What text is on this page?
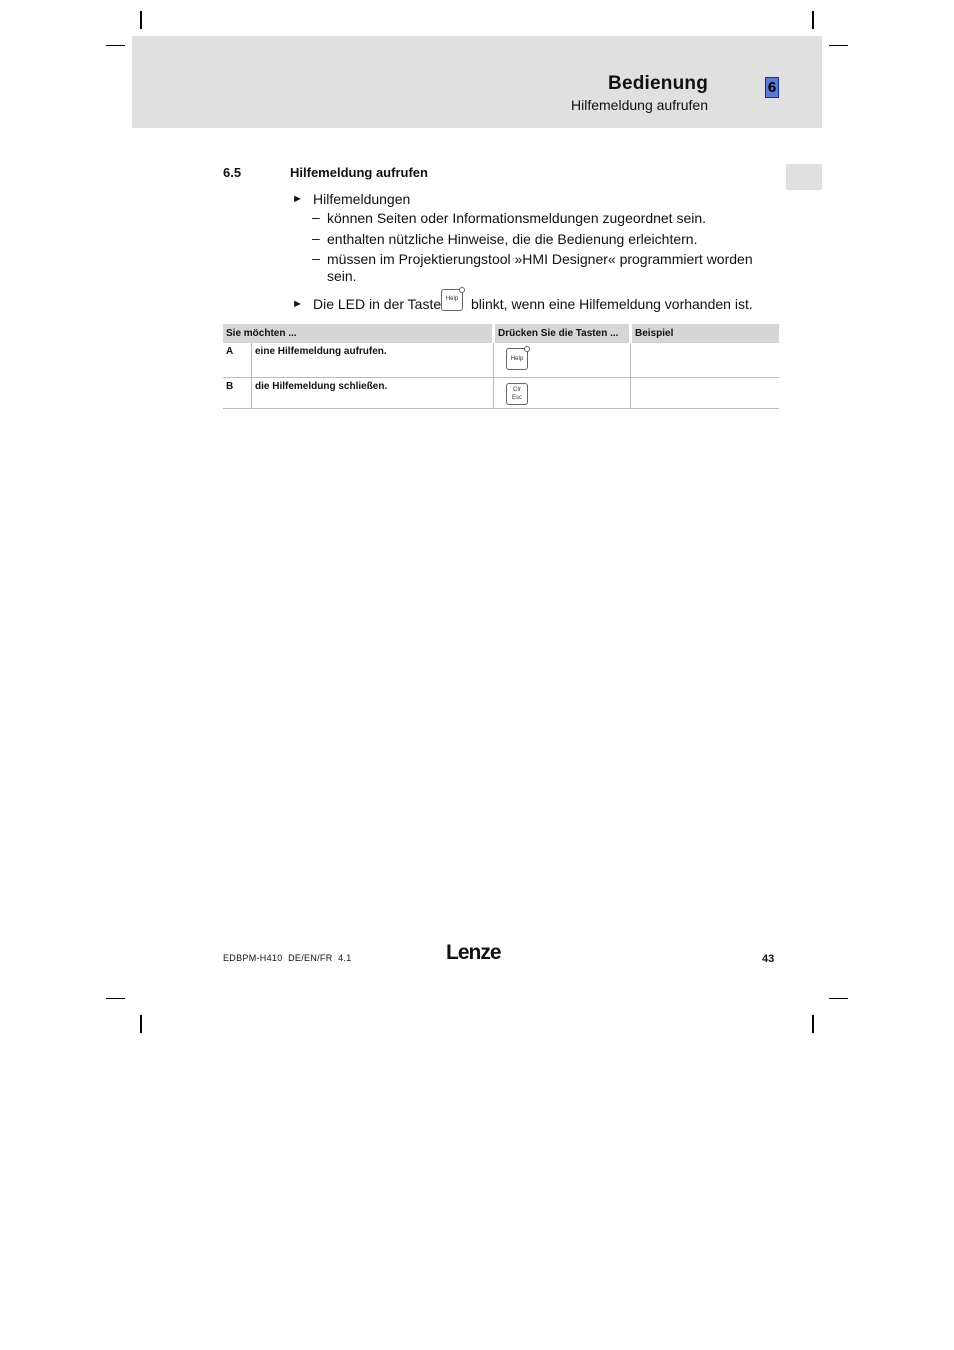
Bedienung
Hilfemeldung aufrufen
6
6.5	Hilfemeldung aufrufen
► Hilfemeldungen
– können Seiten oder Informationsmeldungen zugeordnet sein.
– enthalten nützliche Hinweise, die die Bedienung erleichtern.
– müssen im Projektierungstool »HMI Designer« programmiert worden
sein.
► Die LED in der Taste Help blinkt, wenn eine Hilfemeldung vorhanden ist.
Sie möchten ...		Drücken Sie die Tasten ...	Beispiel
A	eine Hilfemeldung aufrufen.	Help	

B	die Hilfemeldung schließen.	Clr
Esc	

EDBPM-H410  DE/EN/FR  4.1	Lenze	43
